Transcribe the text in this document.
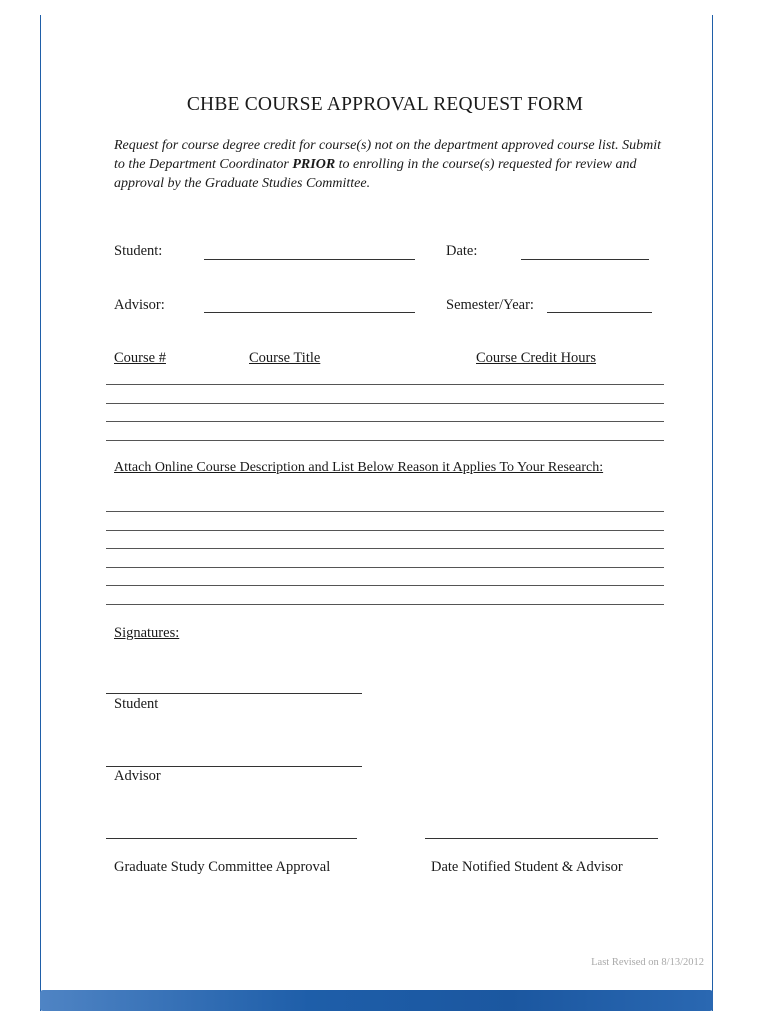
CHBE COURSE APPROVAL REQUEST FORM
Request for course degree credit for course(s) not on the department approved course list. Submit to the Department Coordinator PRIOR to enrolling in the course(s) requested for review and approval by the Graduate Studies Committee.
Student:	Date:
Advisor:	Semester/Year:
Course #	Course Title	Course Credit Hours
Attach Online Course Description and List Below Reason it Applies To Your Research:
Signatures:
Student
Advisor
Graduate Study Committee Approval	Date Notified Student & Advisor
Last Revised on 8/13/2012
